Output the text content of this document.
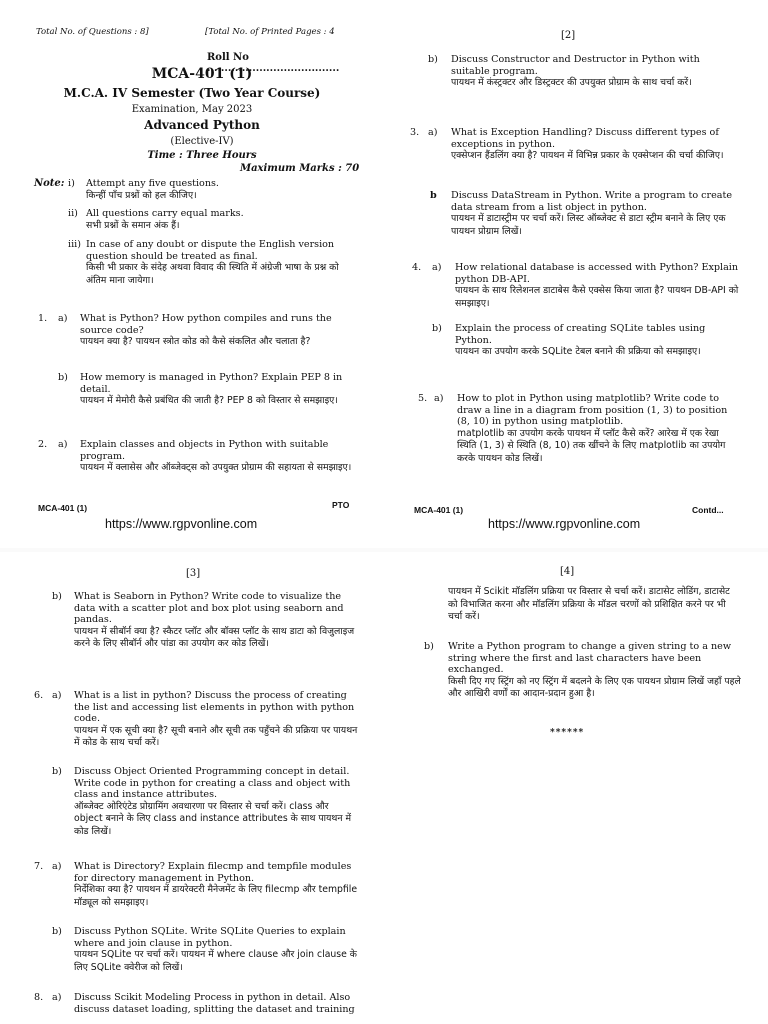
Total No. of Questions : 8]	[Total No. of Printed Pages : 4
Roll No ......................................
MCA-401 (1)
M.C.A. IV Semester (Two Year Course)
Examination, May 2023
Advanced Python
(Elective-IV)
Time : Three Hours
Maximum Marks : 70
Note: i) Attempt any five questions.
किन्हीं पाँच प्रश्नों को हल कीजिए।
ii) All questions carry equal marks.
सभी प्रश्नों के समान अंक हैं।
iii) In case of any doubt or dispute the English version question should be treated as final.
किसी भी प्रकार के संदेह अथवा विवाद की स्थिति में अंग्रेजी भाषा के प्रश्न को अंतिम माना जायेगा।
1. a) What is Python? How python compiles and runs the source code?
पायथन क्या है? पायथन स्त्रोत कोड को कैसे संकलित और चलाता है?
b) How memory is managed in Python? Explain PEP 8 in detail.
पायथन में मेमोरी कैसे प्रबंधित की जाती है? PEP 8 को विस्तार से समझाइए।
2. a) Explain classes and objects in Python with suitable program.
पायथन में क्लासेस और ऑब्जेक्ट्स को उपयुक्त प्रोग्राम की सहायता से समझाइए।
MCA-401 (1)	PTO
https://www.rgpvonline.com
[2]
b) Discuss Constructor and Destructor in Python with suitable program.
पायथन में कंस्ट्रक्टर और डिस्ट्रक्टर की उपयुक्त प्रोग्राम के साथ चर्चा करें।
3. a) What is Exception Handling? Discuss different types of exceptions in python.
एक्सेप्शन हैंडलिंग क्या है? पायथन में विभिन्न प्रकार के एक्सेप्शन की चर्चा कीजिए।
b Discuss DataStream in Python. Write a program to create data stream from a list object in python.
पायथन में डाटास्ट्रीम पर चर्चा करें। लिस्ट ऑब्जेक्ट से डाटा स्ट्रीम बनाने के लिए एक पायथन प्रोग्राम लिखें।
4. a) How relational database is accessed with Python? Explain python DB-API.
पायथन के साथ रिलेशनल डाटाबेस कैसे एक्सेस किया जाता है? पायथन DB-API को समझाइए।
b) Explain the process of creating SQLite tables using Python.
पायथन का उपयोग करके SQLite टेबल बनाने की प्रक्रिया को समझाइए।
5. a) How to plot in Python using matplotlib? Write code to draw a line in a diagram from position (1, 3) to position (8, 10) in python using matplotlib.
matplotlib का उपयोग करके पायथन में प्लॉट कैसे करें? आरेख में एक रेखा स्थिति (1, 3) से स्थिति (8, 10) तक खींचने के लिए matplotlib का उपयोग करके पायथन कोड लिखें।
MCA-401 (1)	Contd...
https://www.rgpvonline.com
[3]
b) What is Seaborn in Python? Write code to visualize the data with a scatter plot and box plot using seaborn and pandas.
पायथन में सीबॉर्न क्या है? स्कैटर प्लॉट और बॉक्स प्लॉट के साथ डाटा को विजुलाइज करने के लिए सीबॉर्न और पांडा का उपयोग कर कोड लिखें।
6. a) What is a list in python? Discuss the process of creating the list and accessing list elements in python with python code.
पायथन में एक सूची क्या है? सूची बनाने और सूची तक पहुँचने की प्रक्रिया पर पायथन में कोड के साथ चर्चा करें।
b) Discuss Object Oriented Programming concept in detail. Write code in python for creating a class and object with class and instance attributes.
ऑब्जेक्ट ओरिएंटेड प्रोग्रामिंग अवधारणा पर विस्तार से चर्चा करें। class और object बनाने के लिए class and instance attributes के साथ पायथन में कोड लिखें।
7. a) What is Directory? Explain filecmp and tempfile modules for directory management in Python.
निर्देशिका क्या है? पायथन में डायरेक्टरी मैनेजमेंट के लिए filecmp और tempfile मॉड्यूल को समझाइए।
b) Discuss Python SQLite. Write SQLite Queries to explain where and join clause in python.
पायथन SQLite पर चर्चा करें। पायथन में where clause और join clause के लिए SQLite क्वेरीज को लिखें।
8. a) Discuss Scikit Modeling Process in python in detail. Also discuss dataset loading, splitting the dataset and training
[4]
पायथन में Scikit मॉडलिंग प्रक्रिया पर विस्तार से चर्चा करें। डाटासेट लोडिंग, डाटासेट को विभाजित करना और मॉडलिंग प्रक्रिया के मॉडल चरणों को प्रशिक्षित करने पर भी चर्चा करें।
b) Write a Python program to change a given string to a new string where the first and last characters have been exchanged.
किसी दिए गए स्ट्रिंग को नए स्ट्रिंग में बदलने के लिए एक पायथन प्रोग्राम लिखें जहाँ पहले और आखिरी वर्णों का आदान-प्रदान हुआ है।
******
